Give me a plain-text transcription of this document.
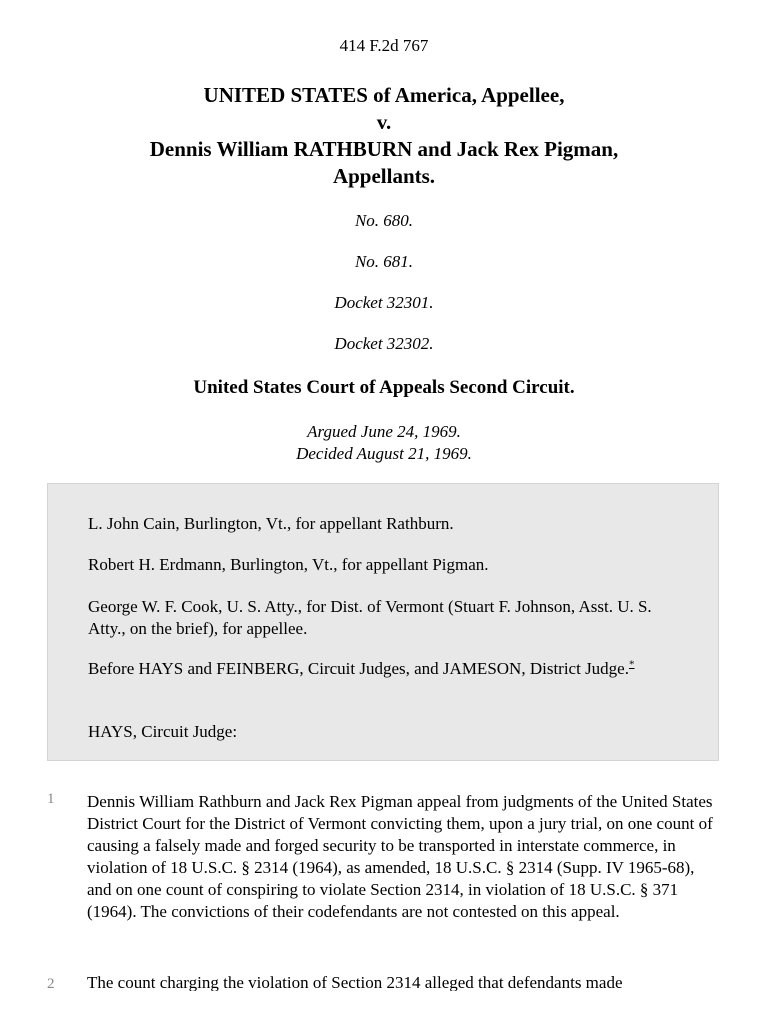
414 F.2d 767
UNITED STATES of America, Appellee,
v.
Dennis William RATHBURN and Jack Rex Pigman,
Appellants.
No. 680.
No. 681.
Docket 32301.
Docket 32302.
United States Court of Appeals Second Circuit.
Argued June 24, 1969.
Decided August 21, 1969.

L. John Cain, Burlington, Vt., for appellant Rathburn.

Robert H. Erdmann, Burlington, Vt., for appellant Pigman.

George W. F. Cook, U. S. Atty., for Dist. of Vermont (Stuart F. Johnson, Asst. U. S. Atty., on the brief), for appellee.

Before HAYS and FEINBERG, Circuit Judges, and JAMESON, District Judge.*

HAYS, Circuit Judge:

1 Dennis William Rathburn and Jack Rex Pigman appeal from judgments of the United States District Court for the District of Vermont convicting them, upon a jury trial, on one count of causing a falsely made and forged security to be transported in interstate commerce, in violation of 18 U.S.C. § 2314 (1964), as amended, 18 U.S.C. § 2314 (Supp. IV 1965-68), and on one count of conspiring to violate Section 2314, in violation of 18 U.S.C. § 371 (1964). The convictions of their codefendants are not contested on this appeal.

2 The count charging the violation of Section 2314 alleged that defendants made
